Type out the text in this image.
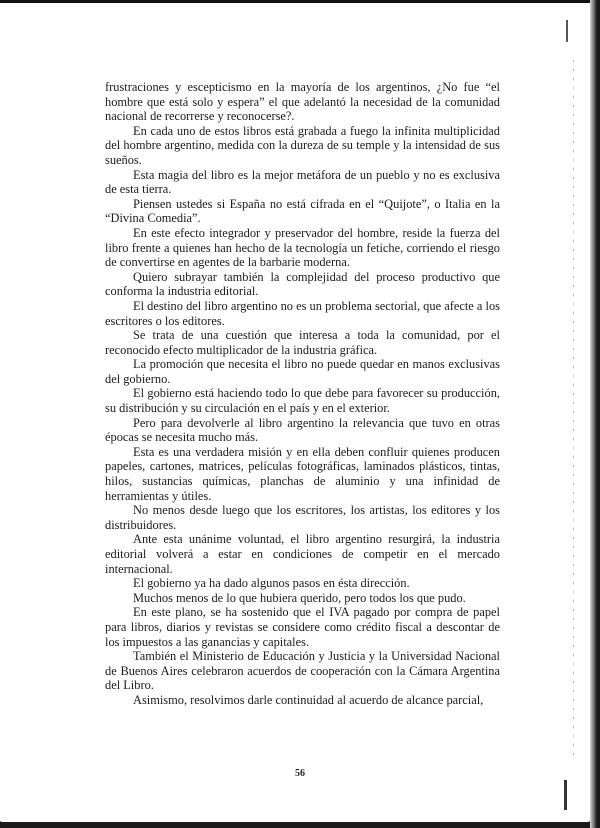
frustraciones y escepticismo en la mayoría de los argentinos, ¿No fue “el hombre que está solo y espera” el que adelantó la necesidad de la comunidad nacional de recorrerse y reconocerse?.

En cada uno de estos libros está grabada a fuego la infinita multiplicidad del hombre argentino, medida con la dureza de su temple y la intensidad de sus sueños.

Esta magia del libro es la mejor metáfora de un pueblo y no es exclusiva de esta tierra.

Piensen ustedes si España no está cifrada en el “Quijote”, o Italia en la “Divina Comedia”.

En este efecto integrador y preservador del hombre, reside la fuerza del libro frente a quienes han hecho de la tecnología un fetiche, corriendo el riesgo de convertirse en agentes de la barbarie moderna.

Quiero subrayar también la complejidad del proceso productivo que conforma la industria editorial.

El destino del libro argentino no es un problema sectorial, que afecte a los escritores o los editores.

Se trata de una cuestión que interesa a toda la comunidad, por el reconocido efecto multiplicador de la industria gráfica.

La promoción que necesita el libro no puede quedar en manos exclusivas del gobierno.

El gobierno está haciendo todo lo que debe para favorecer su producción, su distribución y su circulación en el país y en el exterior.

Pero para devolverle al libro argentino la relevancia que tuvo en otras épocas se necesita mucho más.

Esta es una verdadera misión y en ella deben confluir quienes producen papeles, cartones, matrices, películas fotográficas, laminados plásticos, tintas, hilos, sustancias químicas, planchas de aluminio y una infinidad de herramientas y útiles.

No menos desde luego que los escritores, los artistas, los editores y los distribuidores.

Ante esta unánime voluntad, el libro argentino resurgirá, la industria editorial volverá a estar en condiciones de competir en el mercado internacional.

El gobierno ya ha dado algunos pasos en ésta dirección.

Muchos menos de lo que hubiera querido, pero todos los que pudo.

En este plano, se ha sostenido que el IVA pagado por compra de papel para libros, diarios y revistas se considere como crédito fiscal a descontar de los impuestos a las ganancias y capitales.

También el Ministerio de Educación y Justicia y la Universidad Nacional de Buenos Aires celebraron acuerdos de cooperación con la Cámara Argentina del Libro.

Asimismo, resolvimos darle continuidad al acuerdo de alcance parcial,

56
